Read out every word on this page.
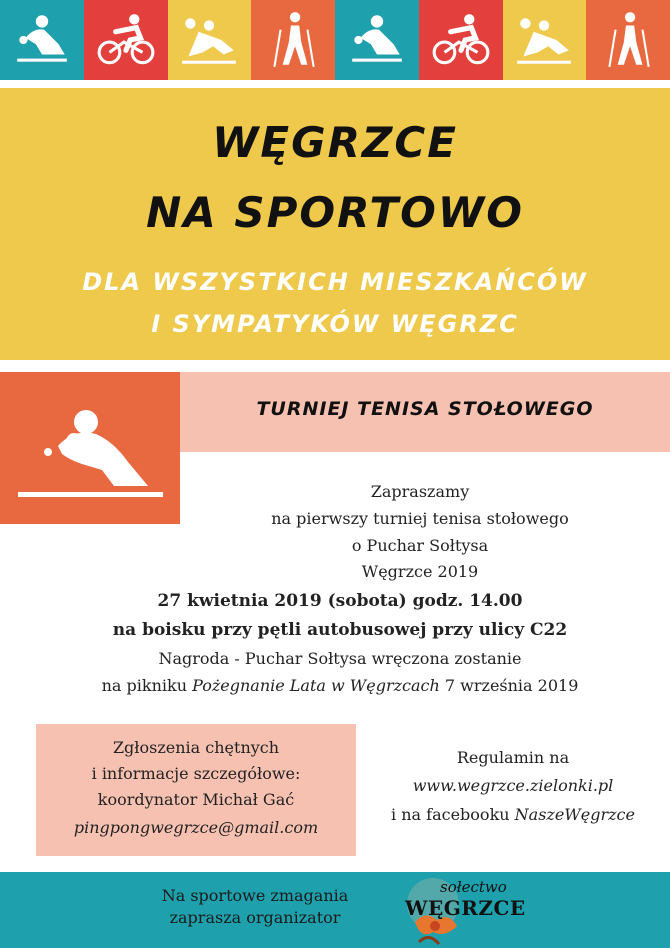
WĘGRZCE
NA SPORTOWO
DLA WSZYSTKICH MIESZKAŃCÓW
I SYMPATYKÓW WĘGRZC
TURNIEJ TENISA STOŁOWEGO
Zapraszamy
na pierwszy turniej tenisa stołowego
o Puchar Sołtysa
Węgrzce 2019
27 kwietnia 2019 (sobota) godz. 14.00
na boisku przy pętli autobusowej przy ulicy C22
Nagroda - Puchar Sołtysa wręczona zostanie
na pikniku Pożegnanie Lata w Węgrzcach 7 września 2019
Zgłoszenia chętnych
i informacje szczegółowe:
koordynator Michał Gać
pingpongwegrzce@gmail.com
Regulamin na
www.wegrzce.zielonki.pl
i na facebooku NaszeWęgrzce
Na sportowe zmagania
zaprasza organizator
sołectwo
WĘGRZCE
